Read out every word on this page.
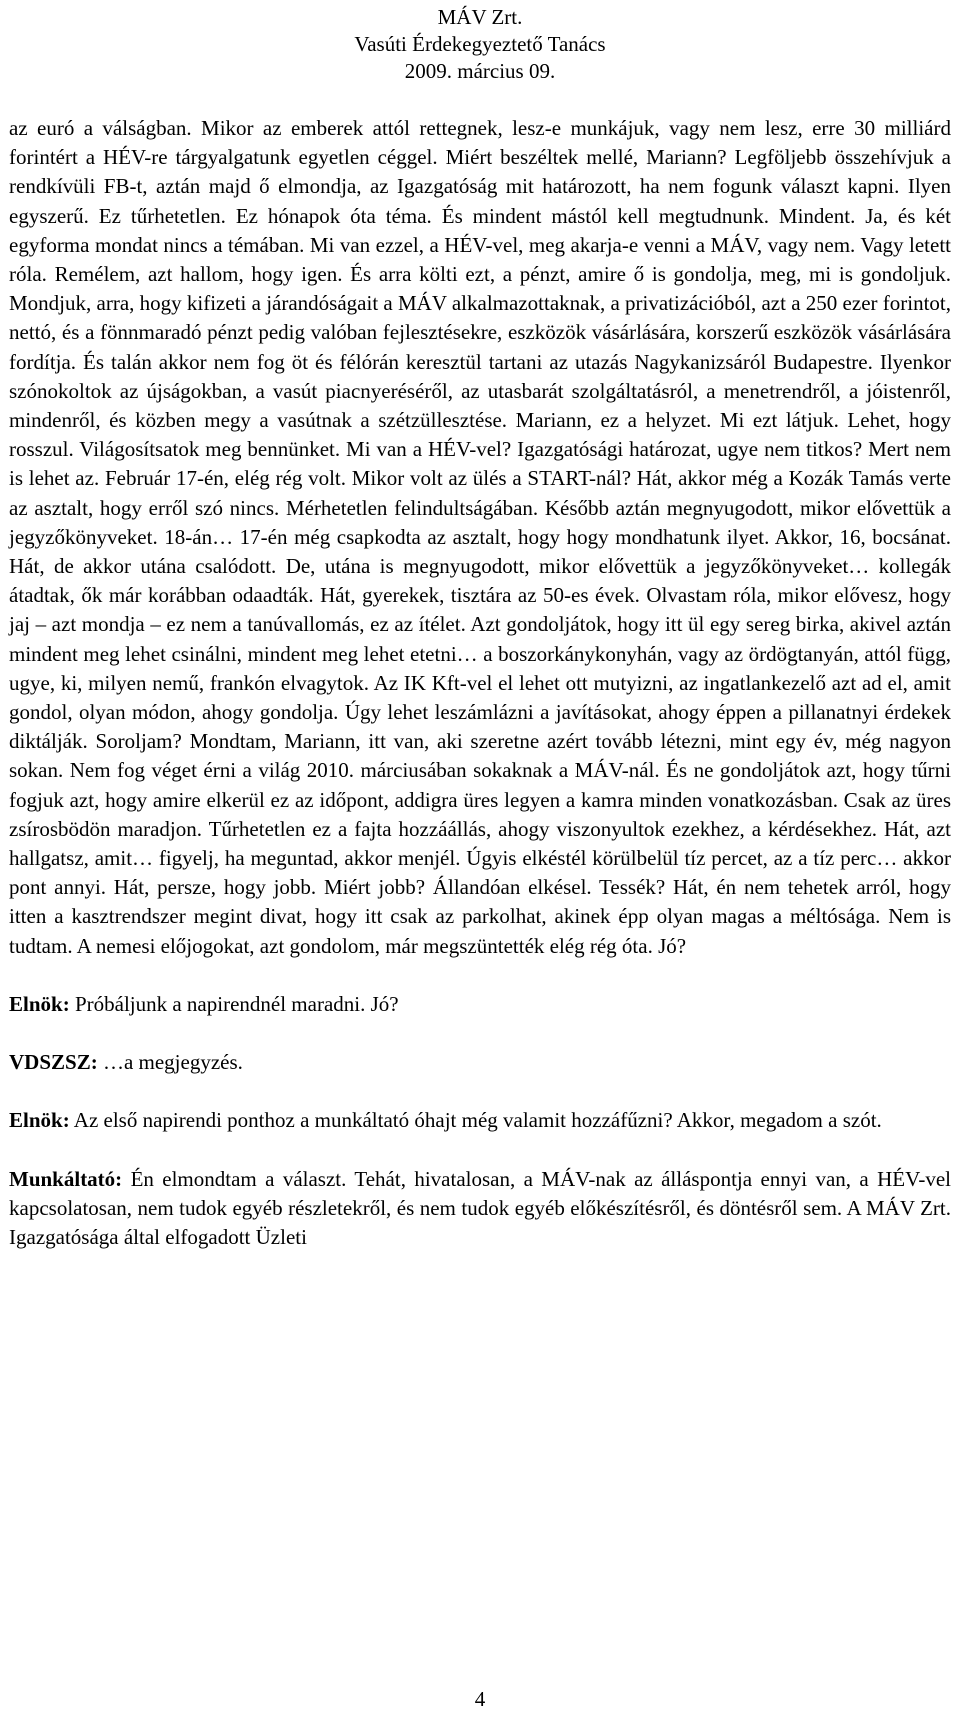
MÁV Zrt.
Vasúti Érdekegyeztető Tanács
2009. március 09.

az euró a válságban. Mikor az emberek attól rettegnek, lesz-e munkájuk, vagy nem lesz, erre 30 milliárd forintért a HÉV-re tárgyalgatunk egyetlen céggel. Miért beszéltek mellé, Mariann? Legföljebb összehívjuk a rendkívüli FB-t, aztán majd ő elmondja, az Igazgatóság mit határozott, ha nem fogunk választ kapni. Ilyen egyszerű. Ez tűrhetetlen. Ez hónapok óta téma. És mindent mástól kell megtudnunk. Mindent. Ja, és két egyforma mondat nincs a témában. Mi van ezzel, a HÉV-vel, meg akarja-e venni a MÁV, vagy nem. Vagy letett róla. Remélem, azt hallom, hogy igen. És arra költi ezt, a pénzt, amire ő is gondolja, meg, mi is gondoljuk. Mondjuk, arra, hogy kifizeti a járandóságait a MÁV alkalmazottaknak, a privatizációból, azt a 250 ezer forintot, nettó, és a fönnmaradó pénzt pedig valóban fejlesztésekre, eszközök vásárlására, korszerű eszközök vásárlására fordítja. És talán akkor nem fog öt és félórán keresztül tartani az utazás Nagykanizsáról Budapestre. Ilyenkor szónokoltok az újságokban, a vasút piacnyeréséről, az utasbarát szolgáltatásról, a menetrendről, a jóistenről, mindenről, és közben megy a vasútnak a szétzüllesztése. Mariann, ez a helyzet. Mi ezt látjuk. Lehet, hogy rosszul. Világosítsatok meg bennünket. Mi van a HÉV-vel? Igazgatósági határozat, ugye nem titkos? Mert nem is lehet az. Február 17-én, elég rég volt. Mikor volt az ülés a START-nál? Hát, akkor még a Kozák Tamás verte az asztalt, hogy erről szó nincs. Mérhetetlen felindultságában. Később aztán megnyugodott, mikor elővettük a jegyzőkönyveket. 18-án… 17-én még csapkodta az asztalt, hogy hogy mondhatunk ilyet. Akkor, 16, bocsánat. Hát, de akkor utána csalódott. De, utána is megnyugodott, mikor elővettük a jegyzőkönyveket… kollegák átadtak, ők már korábban odaadták. Hát, gyerekek, tisztára az 50-es évek. Olvastam róla, mikor elővesz, hogy jaj – azt mondja – ez nem a tanúvallomás, ez az ítélet. Azt gondoljátok, hogy itt ül egy sereg birka, akivel aztán mindent meg lehet csinálni, mindent meg lehet etetni… a boszorkánykonyhán, vagy az ördögtanyán, attól függ, ugye, ki, milyen nemű, frankón elvagytok. Az IK Kft-vel el lehet ott mutyizni, az ingatlankezelő azt ad el, amit gondol, olyan módon, ahogy gondolja. Úgy lehet leszámlázni a javításokat, ahogy éppen a pillanatnyi érdekek diktálják. Soroljam? Mondtam, Mariann, itt van, aki szeretne azért tovább létezni, mint egy év, még nagyon sokan. Nem fog véget érni a világ 2010. márciusában sokaknak a MÁV-nál. És ne gondoljátok azt, hogy tűrni fogjuk azt, hogy amire elkerül ez az időpont, addigra üres legyen a kamra minden vonatkozásban. Csak az üres zsírosbödön maradjon. Tűrhetetlen ez a fajta hozzáállás, ahogy viszonyultok ezekhez, a kérdésekhez. Hát, azt hallgatsz, amit… figyelj, ha meguntad, akkor menjél. Úgyis elkéstél körülbelül tíz percet, az a tíz perc… akkor pont annyi. Hát, persze, hogy jobb. Miért jobb? Állandóan elkésel. Tessék? Hát, én nem tehetek arról, hogy itten a kasztrendszer megint divat, hogy itt csak az parkolhat, akinek épp olyan magas a méltósága. Nem is tudtam. A nemesi előjogokat, azt gondolom, már megszüntették elég rég óta. Jó?

Elnök: Próbáljunk a napirendnél maradni. Jó?

VDSZSZ: …a megjegyzés.

Elnök: Az első napirendi ponthoz a munkáltató óhajt még valamit hozzáfűzni? Akkor, megadom a szót.

Munkáltató: Én elmondtam a választ. Tehát, hivatalosan, a MÁV-nak az álláspontja ennyi van, a HÉV-vel kapcsolatosan, nem tudok egyéb részletekről, és nem tudok egyéb előkészítésről, és döntésről sem. A MÁV Zrt. Igazgatósága által elfogadott Üzleti

4
